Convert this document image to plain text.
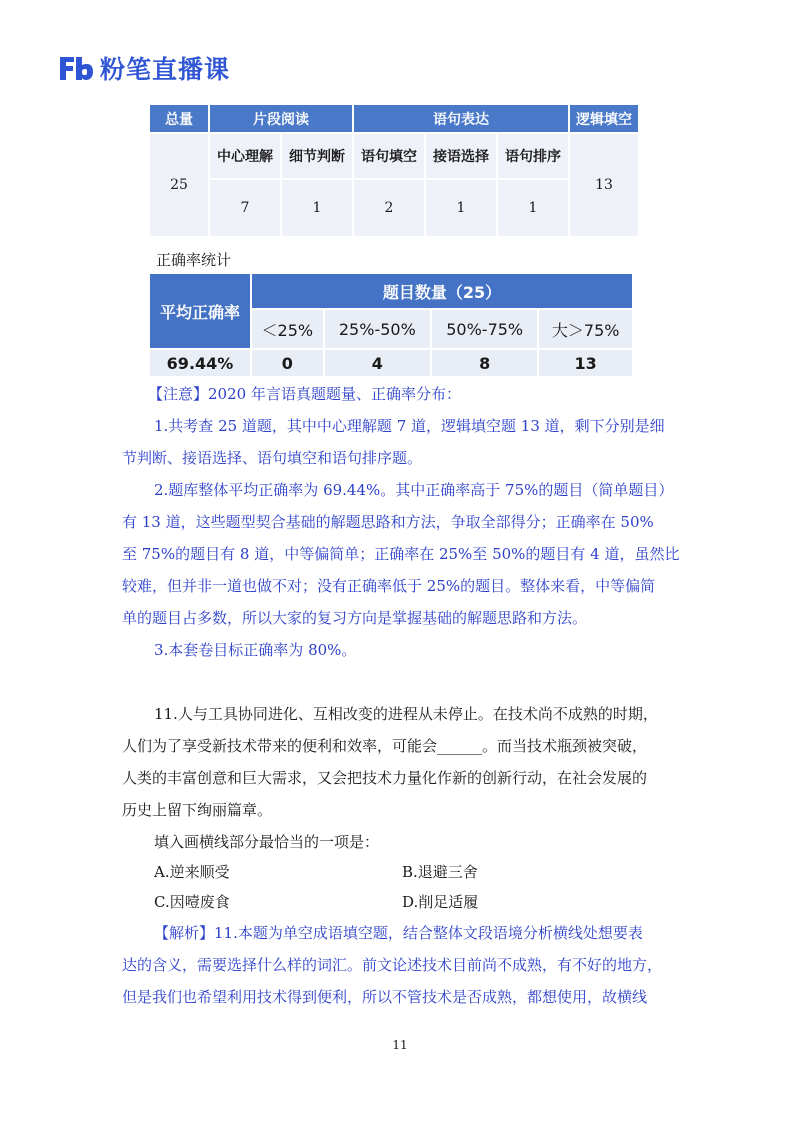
粉笔直播课
总量	片段阅读		语句表达			逻辑填空
25	中心理解	细节判断	语句填空	接语选择	语句排序	13
	7	1	2	1	1	
正确率统计
平均正确率	题目数量（25）			
	＜25%	25%-50%	50%-75%	大＞75%
69.44%	0	4	8	13
【注意】2020 年言语真题题量、正确率分布：
1.共考查 25 道题，其中中心理解题 7 道，逻辑填空题 13 道，剩下分别是细
节判断、接语选择、语句填空和语句排序题。
2.题库整体平均正确率为 69.44%。其中正确率高于 75%的题目（简单题目）
有 13 道，这些题型契合基础的解题思路和方法，争取全部得分；正确率在 50%
至 75%的题目有 8 道，中等偏简单；正确率在 25%至 50%的题目有 4 道，虽然比
较难，但并非一道也做不对；没有正确率低于 25%的题目。整体来看，中等偏简
单的题目占多数，所以大家的复习方向是掌握基础的解题思路和方法。
3.本套卷目标正确率为 80%。
11.人与工具协同进化、互相改变的进程从未停止。在技术尚不成熟的时期，
人们为了享受新技术带来的便利和效率，可能会______。而当技术瓶颈被突破，
人类的丰富创意和巨大需求，又会把技术力量化作新的创新行动，在社会发展的
历史上留下绚丽篇章。
填入画横线部分最恰当的一项是：
A.逆来顺受	B.退避三舍
C.因噎废食	D.削足适履
【解析】11.本题为单空成语填空题，结合整体文段语境分析横线处想要表
达的含义，需要选择什么样的词汇。前文论述技术目前尚不成熟，有不好的地方，
但是我们也希望利用技术得到便利，所以不管技术是否成熟，都想使用，故横线
11
